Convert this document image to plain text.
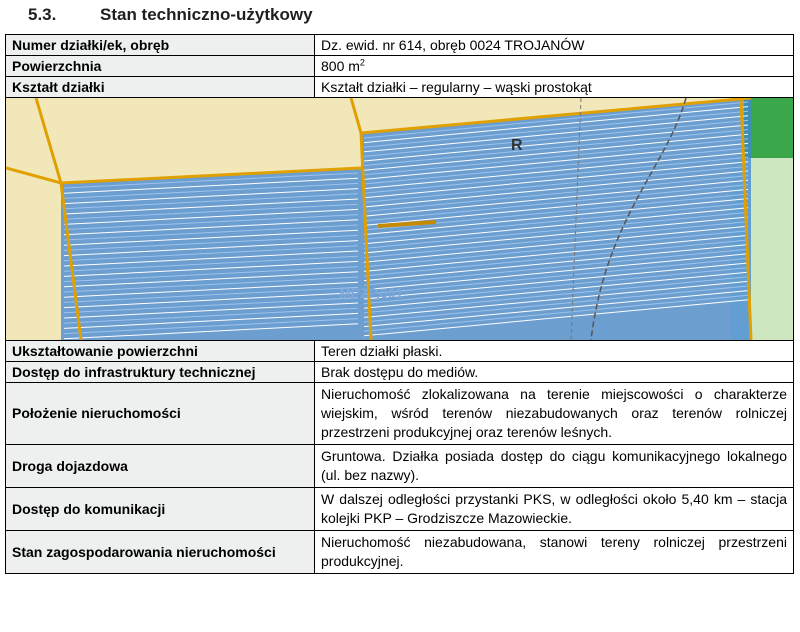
5.3.	Stan techniczno-użytkowy
Numer działki/ek, obręb	Dz. ewid. nr 614, obręb 0024 TROJANÓW
Powierzchnia	800 $m^2$
Kształt działki	Kształt działki – regularny – wąski prostokąt

R
MPZP.001	

Ukształtowanie powierzchni	Teren działki płaski.
Dostęp do infrastruktury technicznej	Brak dostępu do mediów.
Położenie nieruchomości	Nieruchomość zlokalizowana na terenie miejscowości o charakterze wiejskim, wśród terenów niezabudowanych oraz terenów rolniczej przestrzeni produkcyjnej oraz terenów leśnych.
Droga dojazdowa	Gruntowa. Działka posiada dostęp do ciągu komunikacyjnego lokalnego (ul. bez nazwy).
Dostęp do komunikacji	W dalszej odległości przystanki PKS, w odległości około 5,40 km – stacja kolejki PKP – Grodziszcze Mazowieckie.
Stan zagospodarowania nieruchomości	Nieruchomość niezabudowana, stanowi tereny rolniczej przestrzeni produkcyjnej.
